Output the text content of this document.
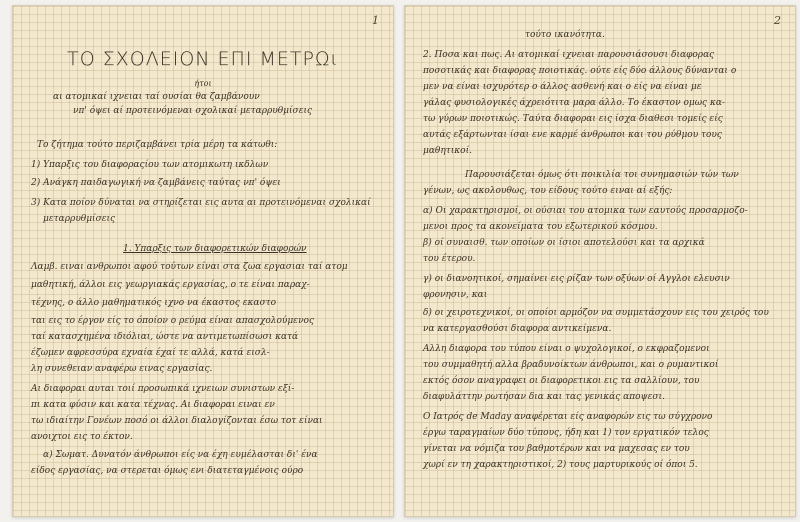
1
ΤΟ ΣΧΟΛΕΙΟΝ ΕΠΙ ΜΕΤΡΩι
ήτοι
αι ατομικαί ιχνειαι ταί ουσίαι θα ζαμβάνουν
νπ' όψει αί προτεινόμεναι σχολικαί μεταρρυθμίσεις
Το ζήτημα τούτο περιζαμβάνει τρία μέρη τα κάτωθι:
1) Υπαρξις του διαφοραςίου των ατομικωτη ικδλων
2) Ανάγκη παιδαγωγική να ζαμβάνεις ταύτας νπ' όψει
3) Κατα ποίον δύναται να στηρίζεται εις αυτα αι προτεινόμεναι σχολικαί
μεταρρυθμίσεις
1. Υπαρξις των διαφορετικών διαφορών
Λαμβ. ειναι ανθρωποι αφού τούτων είναι στα ζωα εργασιαι ταί ατομ
μαθητική, άλλοι εις γεωργιακάς εργασίας, ο τε είναι παραχ-
τέχνης, ο άλλο μαθηματικός ιχνο να έκαστος εκαστο
ται εις το έργον είς το όποίον ο ρεύμα είναι απασχολούμενος
ταί κατασχημένα ιδιόλιαι, ώστε να αντιμετωπίσωσι κατά
έζωμεν αφρεσσύρα εχναία έχαί τε αλλά, κατά εισλ-
λη συνεθειαν αναφέρω εινας εργασίας.
Αι διαφοραι αυται τοιί προσωπικά ιχνειων συνιστων εξί-
πι κατα φύσιν και κατα τέχνας. Αι διαφοραι ειναι εν
τω ιδιαίτην Γονέων ποσό οι άλλοι διαλογίζονται έσω τοτ είναι
ανοιχτοι εις το έκτον.
α) Σωματ. Δυνατόν άνθρωποι είς να έχη ευμέλασται δι' ένα
είδος εργασίας, να στερεται όμως ενι διατεταγμένοις ούρο
2
τούτο ικανότητα.
2. Ποσα και πως. Αι ατομικαί ιχνειαι παρουσιάσουσι διαφορας
ποσοτικάς και διαφορας ποιοτικάς. ούτε είς δύο άλλους δύνανται ο
μεν να είναι ισχυρότερ ο άλλος ασθενή και ο είς να είναι με
γάλας φυσιολογικές άχρειότιτα μαρα άλλο. Το έκαστον ομως κα-
τω γύρων ποιοτικώς. Ταύτα διαφοραι εις ίσχα διαθεσι τομείς είς
αυτάς εξάρτωνται ίσαι ενε καρμέ άνθρωποι και του ρύθμου τους
μαθητικοί.
Παρουσιάζεται όμως ότι ποικιλία τοι συνημασιών τών των
γένων, ως ακολουθως, του είδους τούτο ειναι αί εξής:
α) Οι χαρακτηρισμοί, οι ούσιαι του ατομικα των εαυτούς προσαρμοζο-
μενοι προς τα ακονείματα του εξωτερικού κόσμου.
β) οί συναισθ. των οποίων οι ίσιοι αποτελούσι και τα αρχικά
του έτερου.
γ) οι διανοητικοί, σημαίνει εις ρίζαν των οξύων οί Αγγλοι ελευσιν
φρονησιν, και
δ) οι χειροτεχνικοί, οι οποίοι αρμόζον να συμμετάσχουν εις του χειρός του
να κατεργασθούσι διαφορα αντικείμενα.
Αλλη διαφορα του τύπου είναι ο ψυχολογικοί, ο εκφραζομενοι
του συμμαθητή αλλα βραδυνοίκτων άνθρωποι, και ο ρυμαντικοί
εκτός όσον αναγραφει οι διαφορετικοι εις τα σαλλίουν, του
διαφυλάττην ρωτήσαν δια και τας γενικάς αποψεσι.
Ο Ιατρός de Maday αναφέρεται είς αναφορών εις τω σύγχρονο
έργω ταραγμαίων δύο τύπους, ήδη και 1) τον εργατικόν τελος
γίνεται να νόμιζα του βαθμοτέρων και να μαχεσας εν του
χωρί εν τη χαρακτηριστικοί, 2) τους μαρτυρικούς οί όποι 5.
